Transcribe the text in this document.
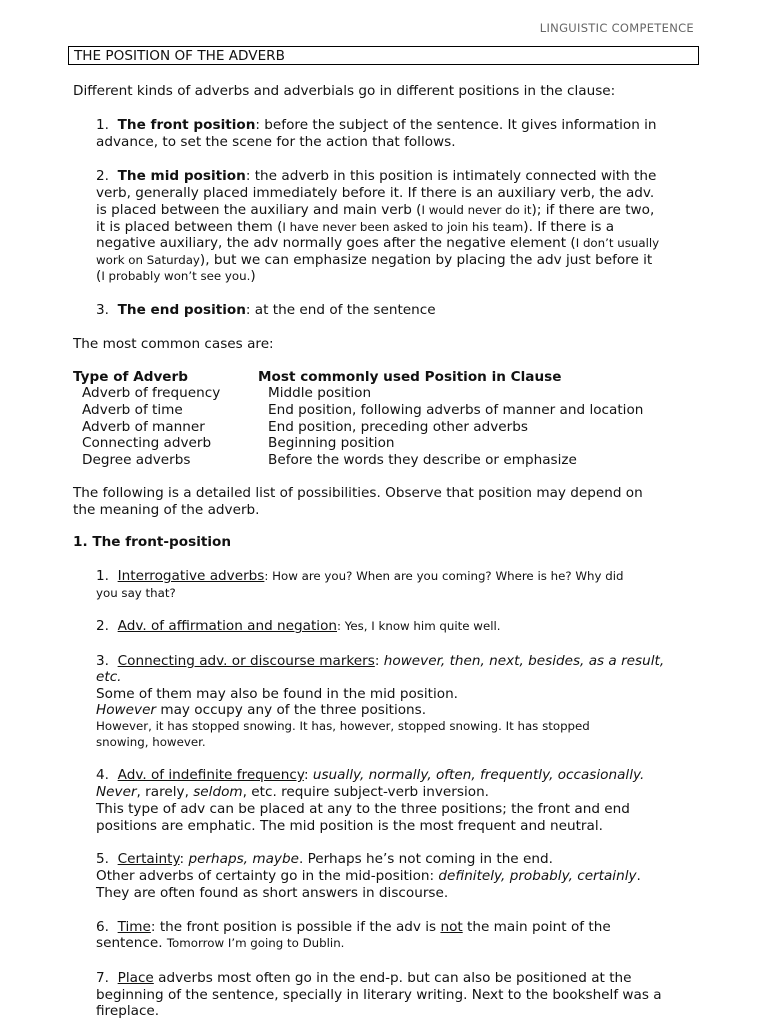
LINGUISTIC COMPETENCE
THE POSITION OF THE ADVERB
Different kinds of adverbs and adverbials go in different positions in the clause:
1. The front position: before the subject of the sentence. It gives information in
advance, to set the scene for the action that follows.
2. The mid position: the adverb in this position is intimately connected with the
verb, generally placed immediately before it. If there is an auxiliary verb, the adv.
is placed between the auxiliary and main verb (I would never do it); if there are two,
it is placed between them (I have never been asked to join his team). If there is a
negative auxiliary, the adv normally goes after the negative element (I don’t usually
work on Saturday), but we can emphasize negation by placing the adv just before it
(I probably won’t see you.)
3. The end position: at the end of the sentence
The most common cases are:
Type of Adverb	Most commonly used Position in Clause
Adverb of frequency	Middle position
Adverb of time	End position, following adverbs of manner and location
Adverb of manner	End position, preceding other adverbs
Connecting adverb	Beginning position
Degree adverbs	Before the words they describe or emphasize
The following is a detailed list of possibilities. Observe that position may depend on
the meaning of the adverb.
1. The front-position
1. Interrogative adverbs: How are you? When are you coming? Where is he? Why did
you say that?
2. Adv. of affirmation and negation: Yes, I know him quite well.
3. Connecting adv. or discourse markers: however, then, next, besides, as a result,
etc.
Some of them may also be found in the mid position.
However may occupy any of the three positions.
However, it has stopped snowing. It has, however, stopped snowing. It has stopped
snowing, however.
4. Adv. of indefinite frequency: usually, normally, often, frequently, occasionally.
Never, rarely, seldom, etc. require subject-verb inversion.
This type of adv can be placed at any to the three positions; the front and end
positions are emphatic. The mid position is the most frequent and neutral.
5. Certainty: perhaps, maybe. Perhaps he’s not coming in the end.
Other adverbs of certainty go in the mid-position: definitely, probably, certainly.
They are often found as short answers in discourse.
6. Time: the front position is possible if the adv is not the main point of the
sentence. Tomorrow I’m going to Dublin.
7. Place adverbs most often go in the end-p. but can also be positioned at the
beginning of the sentence, specially in literary writing. Next to the bookshelf was a
fireplace.
